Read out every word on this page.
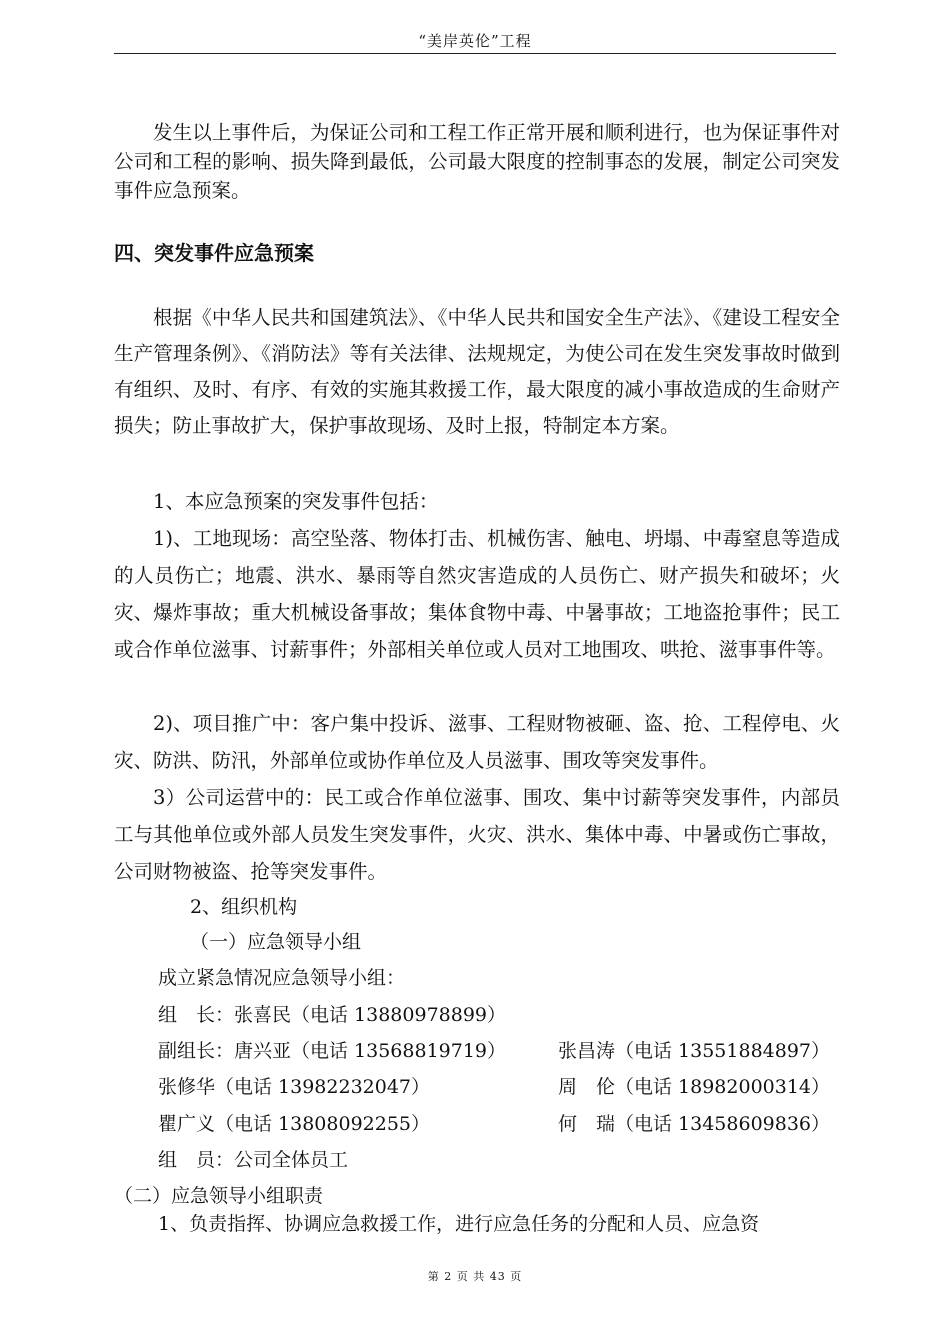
“美岸英伦”工程

发生以上事件后，为保证公司和工程工作正常开展和顺利进行，也为保证事件对公司和工程的影响、损失降到最低，公司最大限度的控制事态的发展，制定公司突发事件应急预案。

四、突发事件应急预案

根据《中华人民共和国建筑法》、《中华人民共和国安全生产法》、《建设工程安全生产管理条例》、《消防法》等有关法律、法规规定，为使公司在发生突发事故时做到有组织、及时、有序、有效的实施其救援工作，最大限度的减小事故造成的生命财产损失；防止事故扩大，保护事故现场、及时上报，特制定本方案。

1、本应急预案的突发事件包括：

1)、工地现场：高空坠落、物体打击、机械伤害、触电、坍塌、中毒窒息等造成的人员伤亡；地震、洪水、暴雨等自然灾害造成的人员伤亡、财产损失和破坏；火灾、爆炸事故；重大机械设备事故；集体食物中毒、中暑事故；工地盗抢事件；民工或合作单位滋事、讨薪事件；外部相关单位或人员对工地围攻、哄抢、滋事事件等。

2)、项目推广中：客户集中投诉、滋事、工程财物被砸、盗、抢、工程停电、火灾、防洪、防汛，外部单位或协作单位及人员滋事、围攻等突发事件。

3）公司运营中的：民工或合作单位滋事、围攻、集中讨薪等突发事件，内部员工与其他单位或外部人员发生突发事件，火灾、洪水、集体中毒、中暑或伤亡事故，公司财物被盗、抢等突发事件。

2、组织机构
（一）应急领导小组
成立紧急情况应急领导小组：
组　长：张喜民（电话 13880978899）
副组长：唐兴亚（电话 13568819719）	张昌涛（电话 13551884897）
张修华（电话 13982232047）	周　伦（电话 18982000314）
瞿广义（电话 13808092255）	何　瑞（电话 13458609836）
组　员：公司全体员工
（二）应急领导小组职责
1、负责指挥、协调应急救援工作，进行应急任务的分配和人员、应急资
第 2 页 共 43 页
